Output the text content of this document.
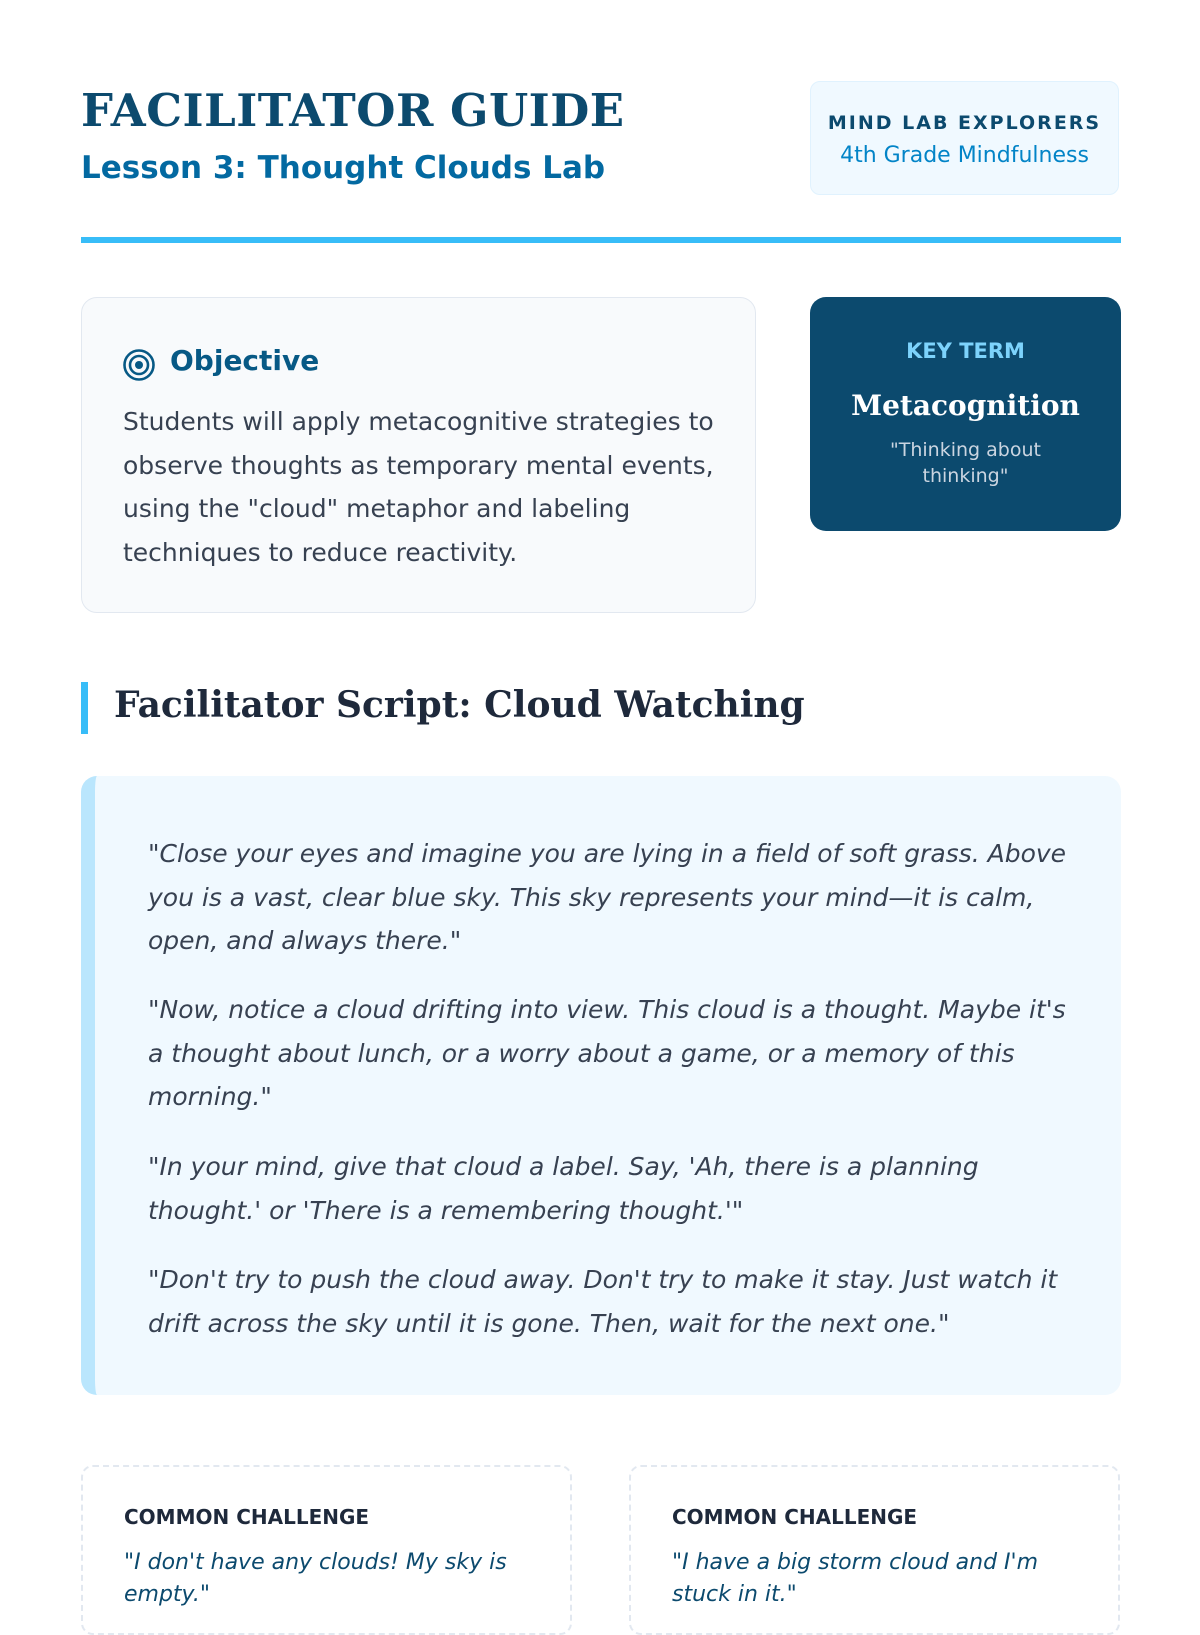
FACILITATOR GUIDE
Lesson 3: Thought Clouds Lab
MIND LAB EXPLORERS
4th Grade Mindfulness
Objective

Students will apply metacognitive strategies to observe thoughts as temporary mental events, using the "cloud" metaphor and labeling techniques to reduce reactivity.

KEY TERM
Metacognition
"Thinking about thinking"
Facilitator Script: Cloud Watching

"Close your eyes and imagine you are lying in a field of soft grass. Above you is a vast, clear blue sky. This sky represents your mind—it is calm, open, and always there."

"Now, notice a cloud drifting into view. This cloud is a thought. Maybe it's a thought about lunch, or a worry about a game, or a memory of this morning."

"In your mind, give that cloud a label. Say, 'Ah, there is a planning thought.' or 'There is a remembering thought.'"

"Don't try to push the cloud away. Don't try to make it stay. Just watch it drift across the sky until it is gone. Then, wait for the next one."

COMMON CHALLENGE

"I don't have any clouds! My sky is empty."

COMMON CHALLENGE

"I have a big storm cloud and I'm stuck in it."
